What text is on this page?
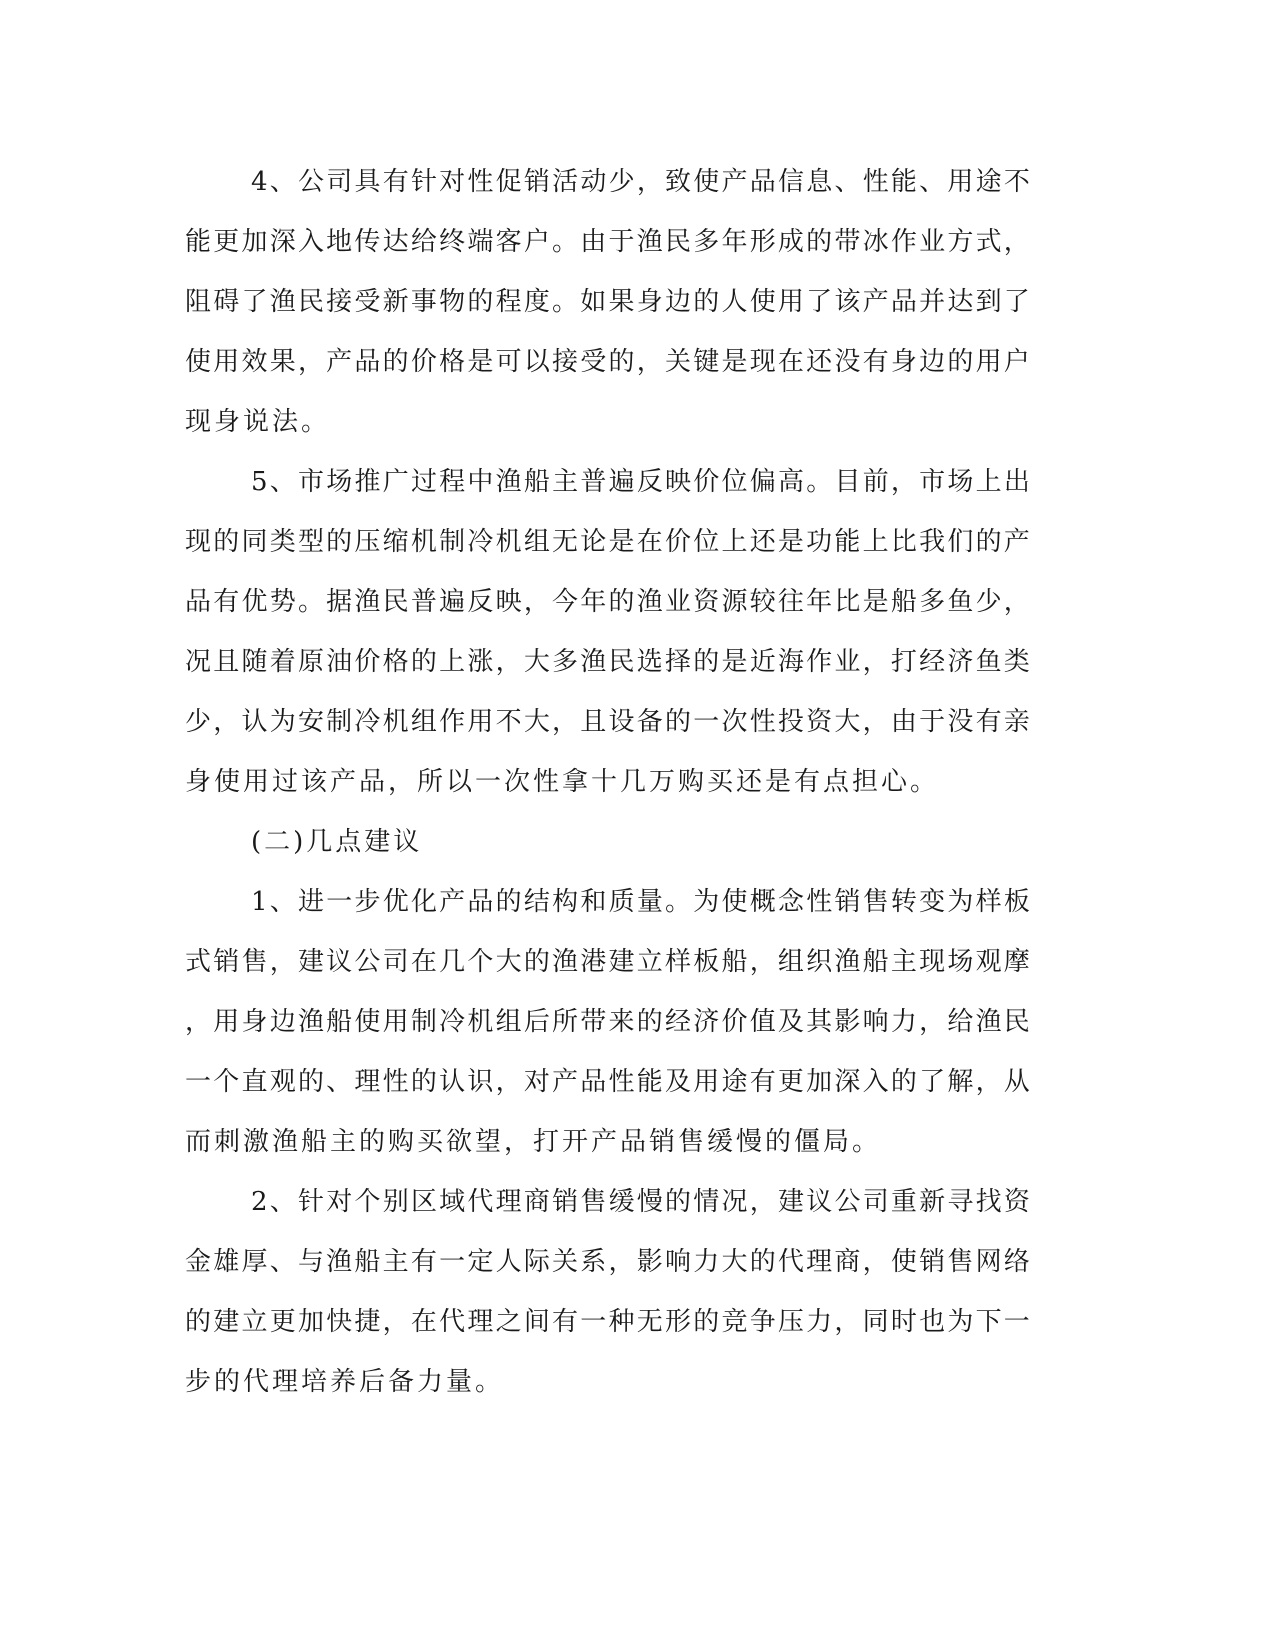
4 、 公 司 具 有 针 对 性 促 销 活 动 少 ， 致 使 产 品 信 息 、 性 能 、 用 途 不
能 更 加 深 入 地 传 达 给 终 端 客 户 。 由 于 渔 民 多 年 形 成 的 带 冰 作 业 方 式 ，
阻 碍 了 渔 民 接 受 新 事 物 的 程 度 。 如 果 身 边 的 人 使 用 了 该 产 品 并 达 到 了
使 用 效 果 ， 产 品 的 价 格 是 可 以 接 受 的 ， 关 键 是 现 在 还 没 有 身 边 的 用 户
现身说法。
5 、 市 场 推 广 过 程 中 渔 船 主 普 遍 反 映 价 位 偏 高 。 目 前 ， 市 场 上 出
现 的 同 类 型 的 压 缩 机 制 冷 机 组 无 论 是 在 价 位 上 还 是 功 能 上 比 我 们 的 产
品 有 优 势 。 据 渔 民 普 遍 反 映 ， 今 年 的 渔 业 资 源 较 往 年 比 是 船 多 鱼 少 ，
况 且 随 着 原 油 价 格 的 上 涨 ， 大 多 渔 民 选 择 的 是 近 海 作 业 ， 打 经 济 鱼 类
少 ， 认 为 安 制 冷 机 组 作 用 不 大 ， 且 设 备 的 一 次 性 投 资 大 ， 由 于 没 有 亲
身使用过该产品，所以一次性拿十几万购买还是有点担心。
(二)几点建议
1 、 进 一 步 优 化 产 品 的 结 构 和 质 量 。 为 使 概 念 性 销 售 转 变 为 样 板
式 销 售 ， 建 议 公 司 在 几 个 大 的 渔 港 建 立 样 板 船 ， 组 织 渔 船 主 现 场 观 摩
， 用 身 边 渔 船 使 用 制 冷 机 组 后 所 带 来 的 经 济 价 值 及 其 影 响 力 ， 给 渔 民
一 个 直 观 的 、 理 性 的 认 识 ， 对 产 品 性 能 及 用 途 有 更 加 深 入 的 了 解 ， 从
而刺激渔船主的购买欲望，打开产品销售缓慢的僵局。
2 、 针 对 个 别 区 域 代 理 商 销 售 缓 慢 的 情 况 ， 建 议 公 司 重 新 寻 找 资
金 雄 厚 、 与 渔 船 主 有 一 定 人 际 关 系 ， 影 响 力 大 的 代 理 商 ， 使 销 售 网 络
的 建 立 更 加 快 捷 ， 在 代 理 之 间 有 一 种 无 形 的 竞 争 压 力 ， 同 时 也 为 下 一
步的代理培养后备力量。
